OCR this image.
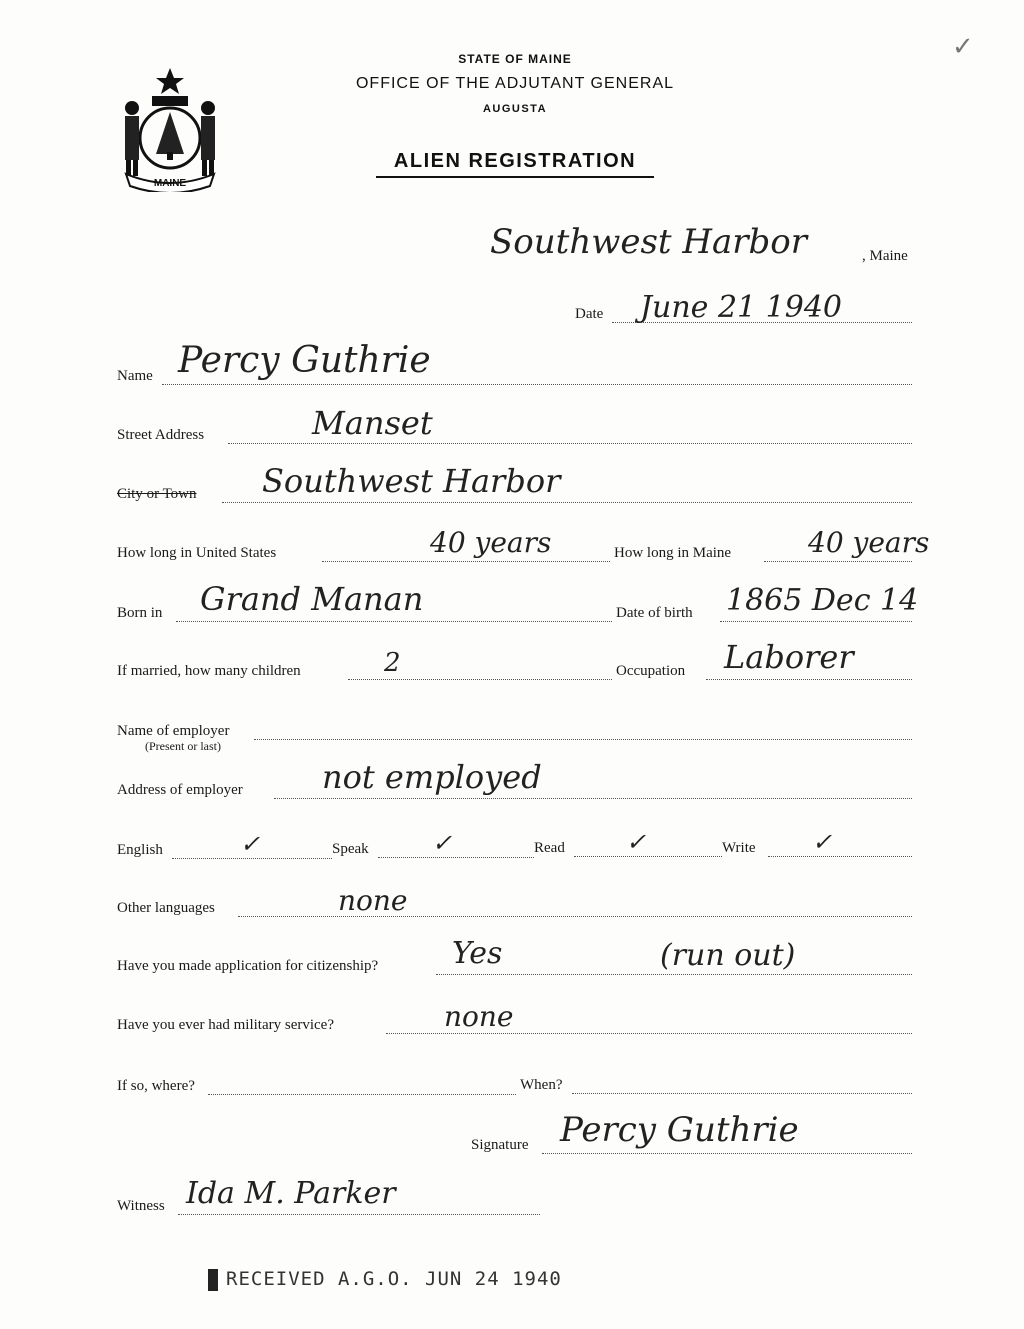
MAINE
✓
STATE OF MAINE
OFFICE OF THE ADJUTANT GENERAL
AUGUSTA
ALIEN REGISTRATION
Southwest Harbor	, Maine
Date June 21 1940
Name Percy Guthrie
Street Address	Manset
City or Town Southwest Harbor
How long in United States	40 years	How long in Maine	40 years
Born in Grand Manan	Date of birth 1865 Dec 14
If married, how many children	2	Occupation Laborer
Name of employer
(Present or last)
Address of employer not employed
English	✓	Speak	✓	Read	✓	Write ✓
Other languages	none
Have you made application for citizenship? Yes	(run out)
Have you ever had military service?	none
If so, where?	When?
Signature Percy Guthrie
Witness Ida M. Parker
RECEIVED A.G.O. JUN 24 1940
